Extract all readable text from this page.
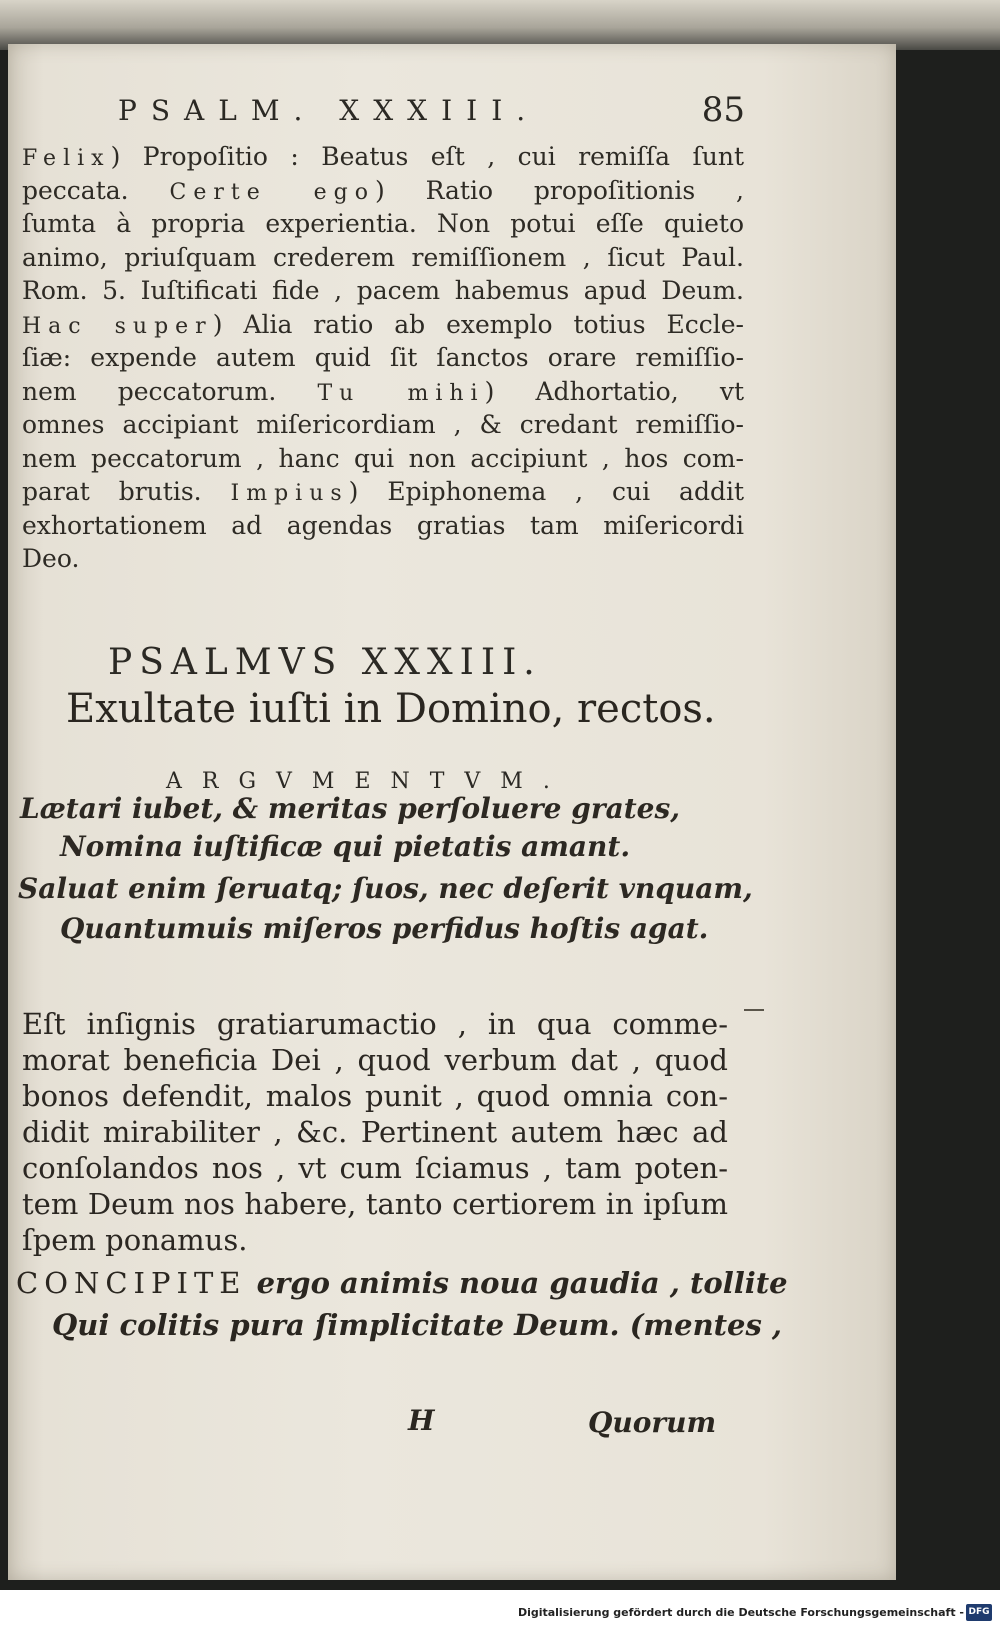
PSALM. XXXIII.	85
Felix) Propoſitio : Beatus eſt , cui remiſſa ſunt
peccata. Certe ego) Ratio propoſitionis ,
ſumta à propria experientia. Non potui eſſe quieto
animo, priuſquam crederem remiſſionem , ſicut Paul.
Rom. 5. Iuſtificati fide , pacem habemus apud Deum.
Hac super) Alia ratio ab exemplo totius Eccle-
ſiæ: expende autem quid ſit ſanctos orare remiſſio-
nem peccatorum. Tu mihi) Adhortatio, vt
omnes accipiant miſericordiam , & credant remiſſio-
nem peccatorum , hanc qui non accipiunt , hos com-
parat brutis. Impius) Epiphonema , cui addit
exhortationem ad agendas gratias tam miſericordi
Deo.
PSALMVS XXXIII.
Exultate iuſti in Domino, rectos.
ARGVMENTVM.
Lætari iubet, & meritas perſoluere grates,
Nomina iuſtificæ qui pietatis amant.
Saluat enim ſeruatq; ſuos, nec deſerit vnquam,
Quantumuis miſeros perfidus hoſtis agat.
Eſt inſignis gratiarumactio , in qua comme-
morat beneficia Dei , quod verbum dat , quod
bonos defendit, malos punit , quod omnia con-
didit mirabiliter , &c. Pertinent autem hæc ad
conſolandos nos , vt cum ſciamus , tam poten-
tem Deum nos habere, tanto certiorem in ipſum
ſpem ponamus.
CONCIPITE ergo animis noua gaudia , tollite
Qui colitis pura ſimplicitate Deum. (mentes ,
H	Quorum
Digitalisierung gefördert durch die Deutsche Forschungsgemeinschaft - DFG
